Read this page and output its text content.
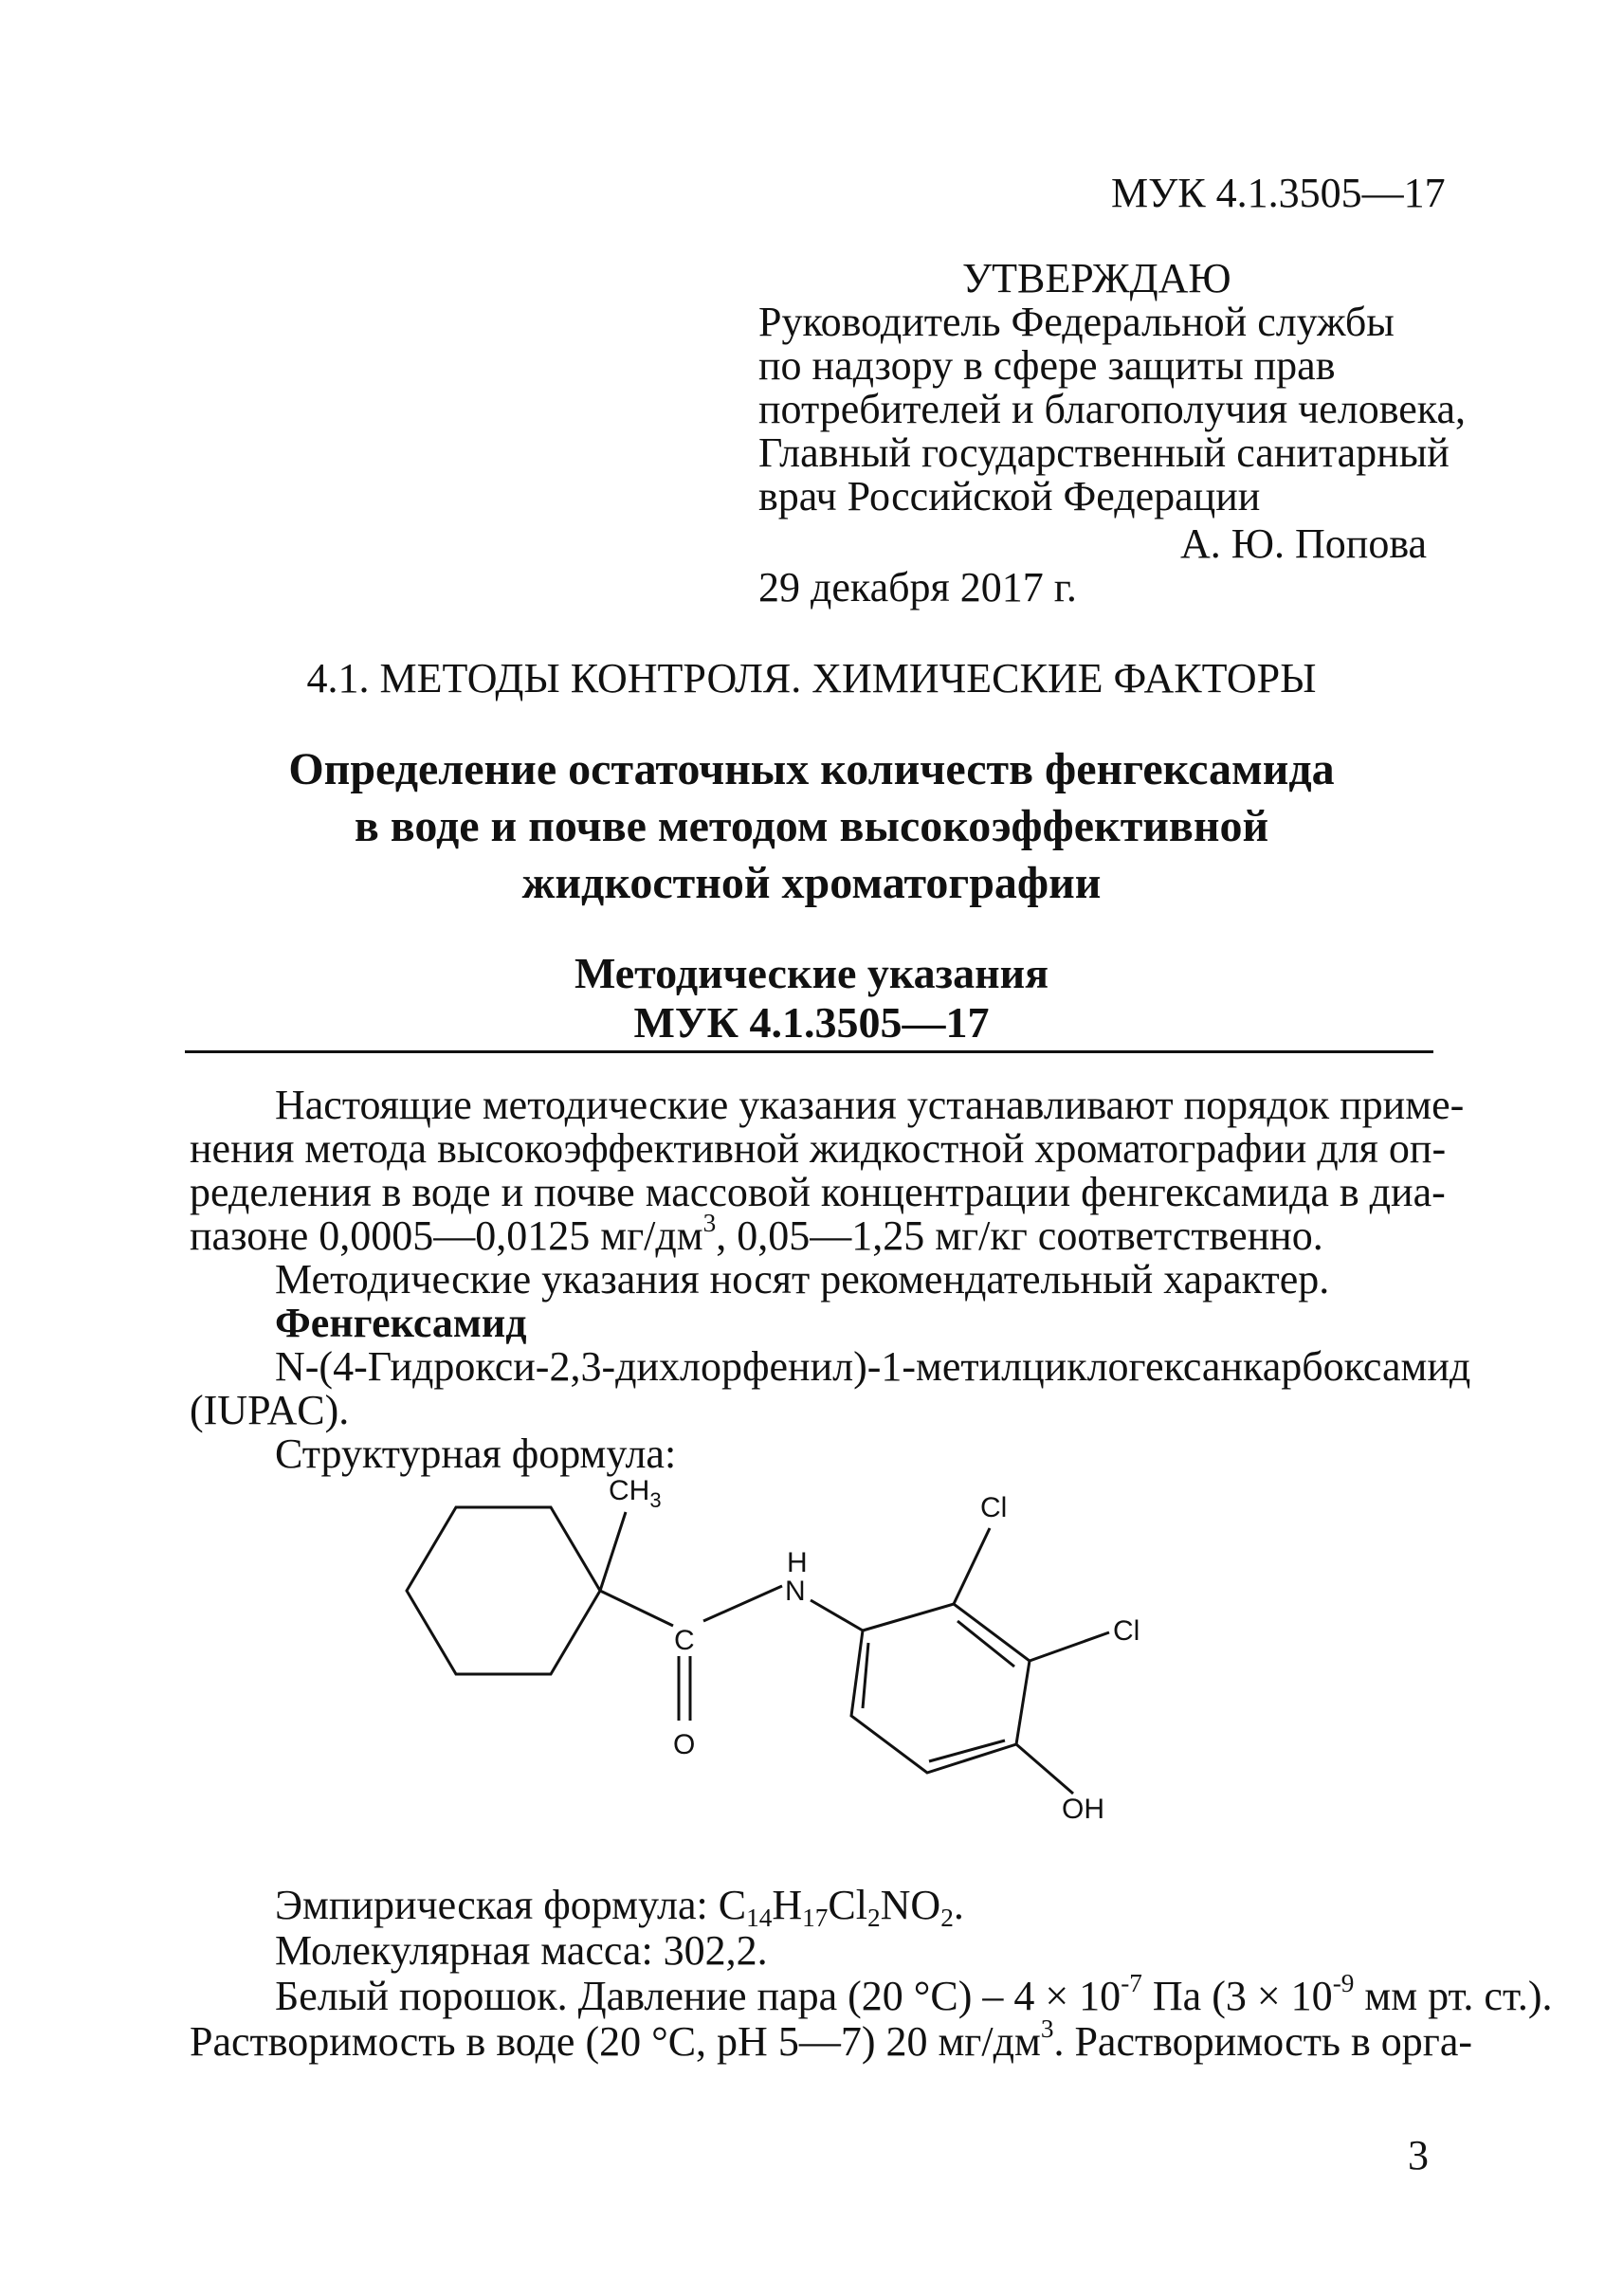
МУК 4.1.3505—17
УТВЕРЖДАЮ
Руководитель Федеральной службы
по надзору в сфере защиты прав
потребителей и благополучия человека,
Главный государственный санитарный
врач Российской Федерации
А. Ю. Попова
29 декабря 2017 г.
4.1. МЕТОДЫ КОНТРОЛЯ. ХИМИЧЕСКИЕ ФАКТОРЫ
Определение остаточных количеств фенгексамида
в воде и почве методом высокоэффективной
жидкостной хроматографии
Методические указания
МУК 4.1.3505—17
Настоящие методические указания устанавливают порядок приме-
нения метода высокоэффективной жидкостной хроматографии для оп-
ределения в воде и почве массовой концентрации фенгексамида в диа-
пазоне 0,0005—0,0125 $мг/дм^3$, 0,05—1,25 мг/кг соответственно.
Методические указания носят рекомендательный характер.
Фенгексамид
N-(4-Гидрокси-2,3-дихлорфенил)-1-метилциклогексанкарбоксамид
(IUPAC).
Структурная формула:
$CH_3$
H
N
C
O
Cl
Cl
OH
Эмпирическая формула: $C_{14}H_{17}Cl_2NO_2$.
Молекулярная масса: 302,2.
Белый порошок. Давление пара (20 $^\circ C) - 4 \times 10^{-7}$ Па ($3 \times 10^{-9}$ мм рт. ст.).
Растворимость в воде (20 °C, pH 5—7) 20 $мг/дм^3$. Растворимость в орга-
3
